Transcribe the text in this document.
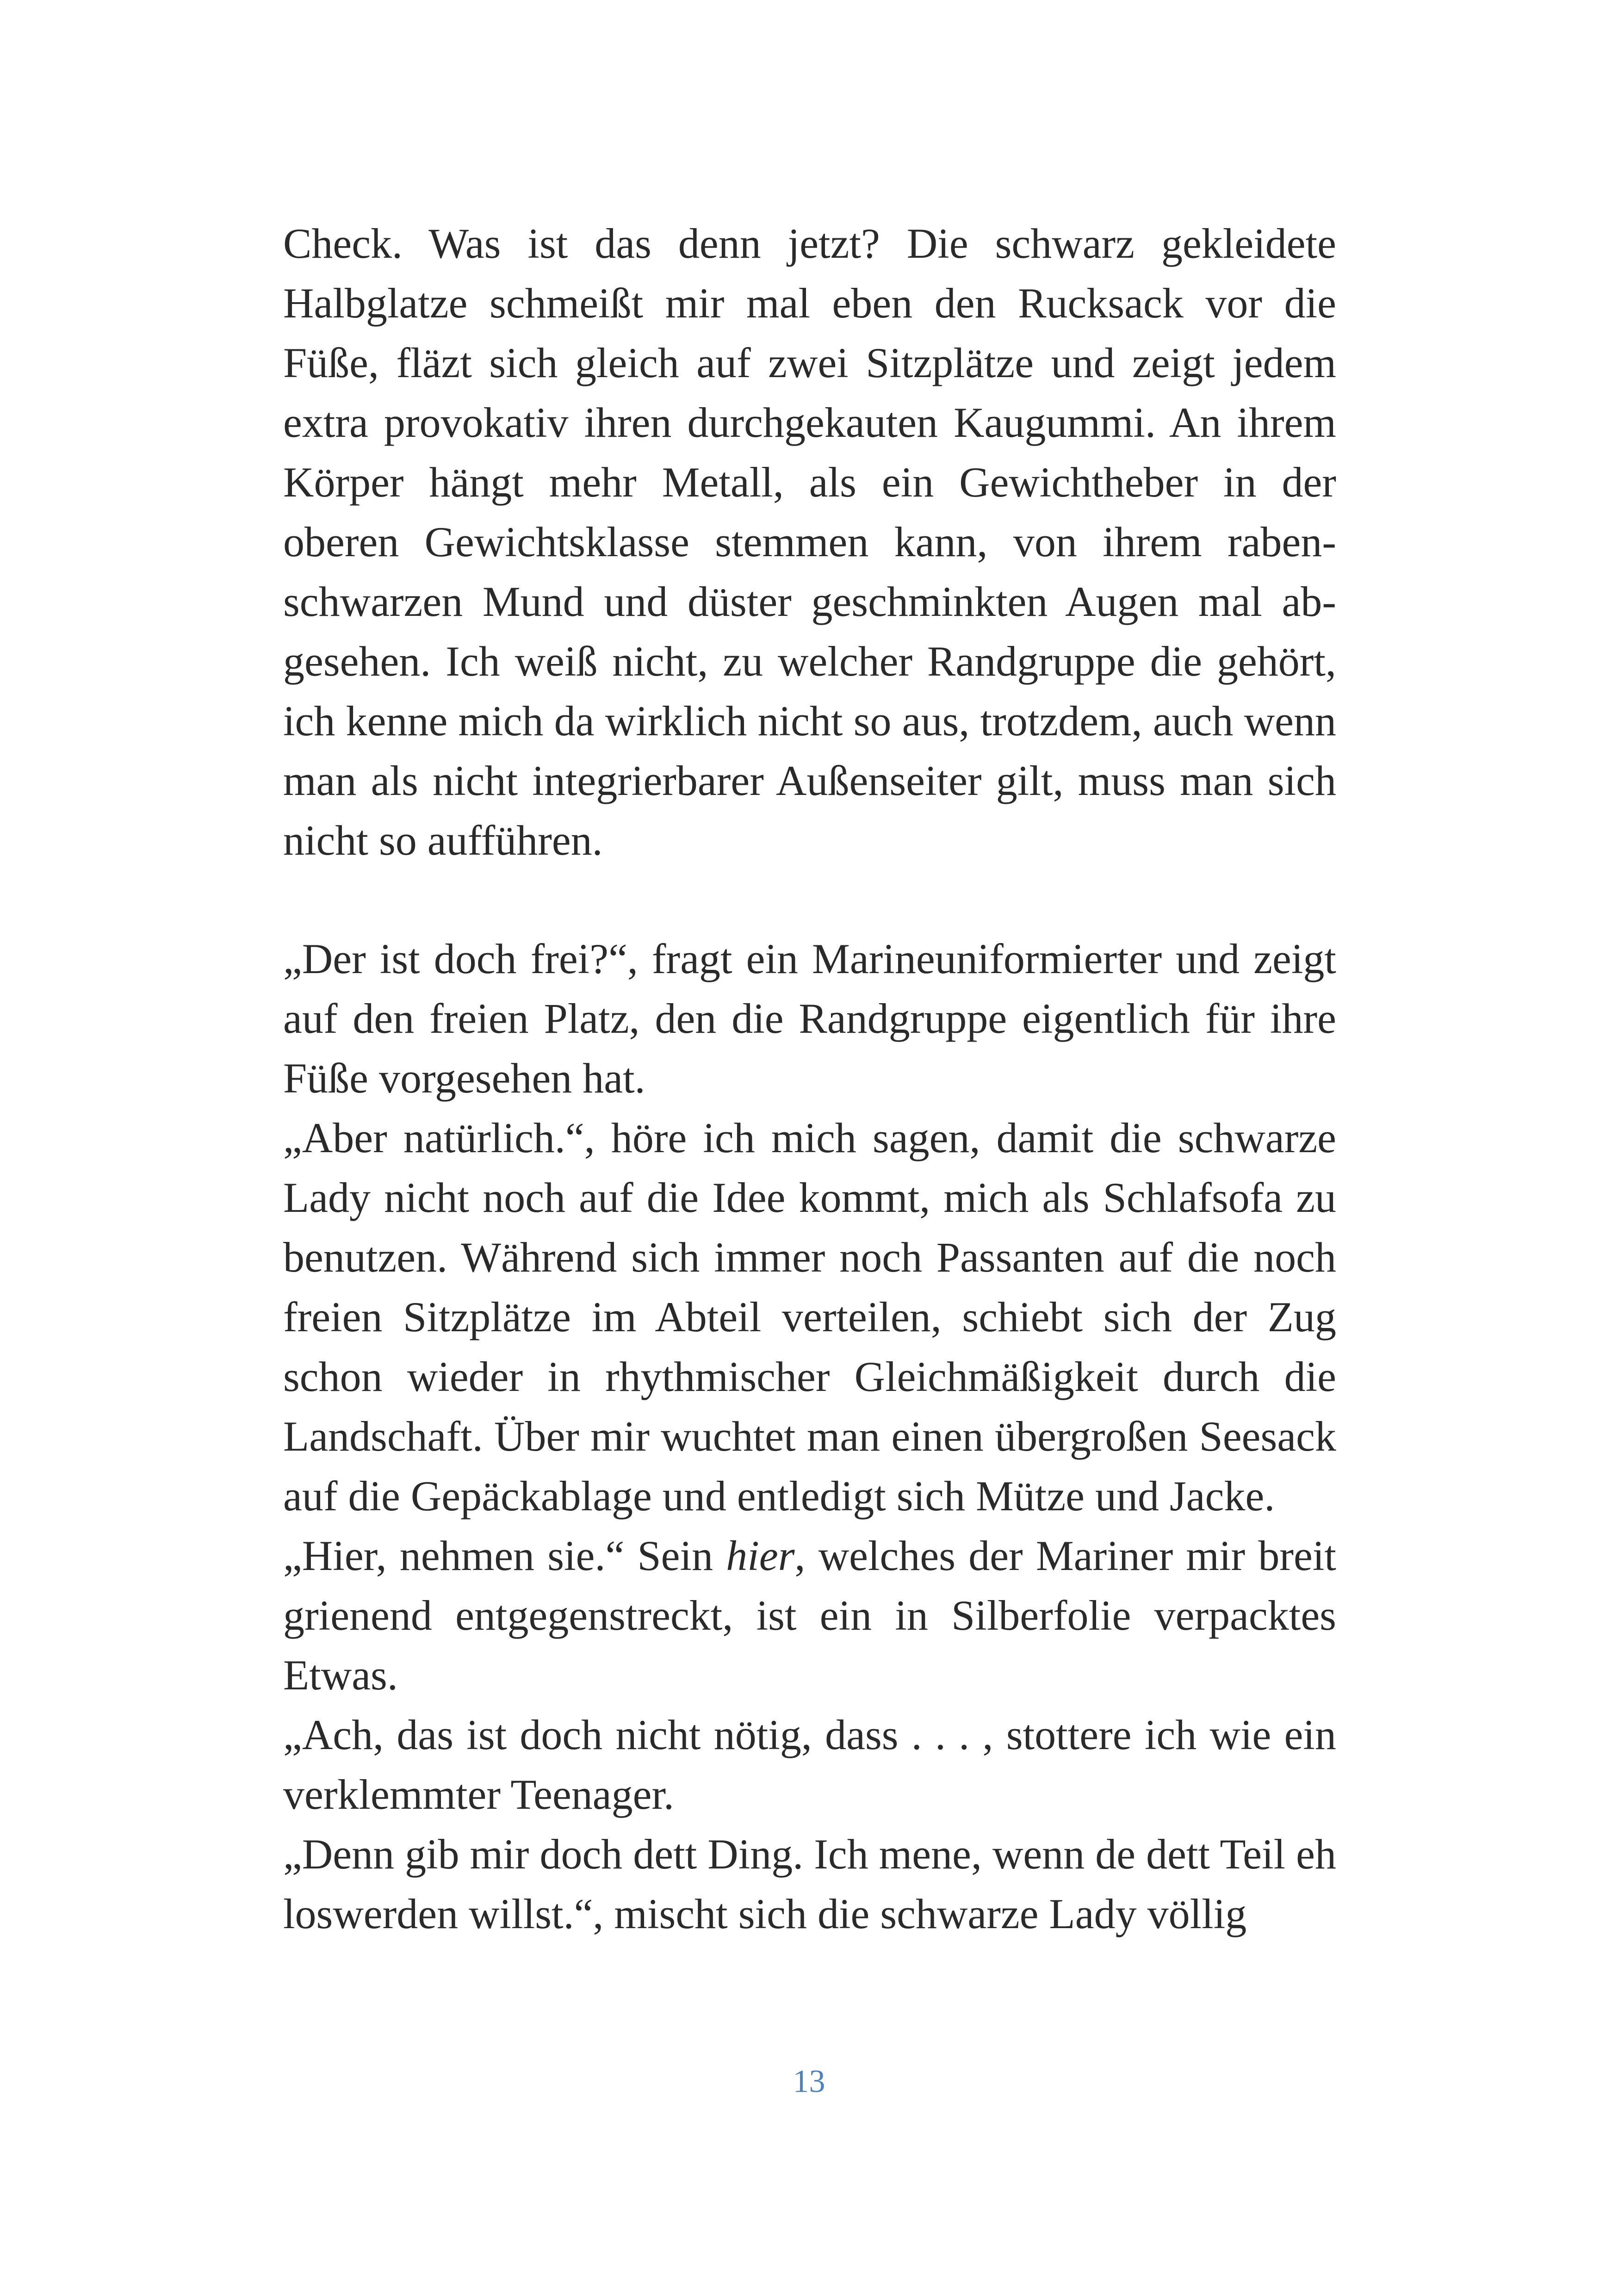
Check. Was ist das denn jetzt? Die schwarz gekleidete Halbglatze schmeißt mir mal eben den Rucksack vor die Füße, fläzt sich gleich auf zwei Sitzplätze und zeigt jedem extra provokativ ihren durchgekauten Kaugummi. An ihrem Körper hängt mehr Metall, als ein Gewichtheber in der oberen Gewichtsklasse stemmen kann, von ihrem rabenschwarzen Mund und düster geschminkten Augen mal abgesehen. Ich weiß nicht, zu welcher Randgruppe die gehört, ich kenne mich da wirklich nicht so aus, trotzdem, auch wenn man als nicht integrierbarer Außenseiter gilt, muss man sich nicht so aufführen.

„Der ist doch frei?“, fragt ein Marineuniformierter und zeigt auf den freien Platz, den die Randgruppe eigentlich für ihre Füße vorgesehen hat.

„Aber natürlich.“, höre ich mich sagen, damit die schwarze Lady nicht noch auf die Idee kommt, mich als Schlafsofa zu benutzen. Während sich immer noch Passanten auf die noch freien Sitzplätze im Abteil verteilen, schiebt sich der Zug schon wieder in rhythmischer Gleichmäßigkeit durch die Landschaft. Über mir wuchtet man einen übergroßen Seesack auf die Gepäckablage und entledigt sich Mütze und Jacke.

„Hier, nehmen sie.“ Sein hier, welches der Mariner mir breit grienend entgegenstreckt, ist ein in Silberfolie verpacktes Etwas.

„Ach, das ist doch nicht nötig, dass . . . , stottere ich wie ein verklemmter Teenager.

„Denn gib mir doch dett Ding. Ich mene, wenn de dett Teil eh loswerden willst.“, mischt sich die schwarze Lady völlig

13
